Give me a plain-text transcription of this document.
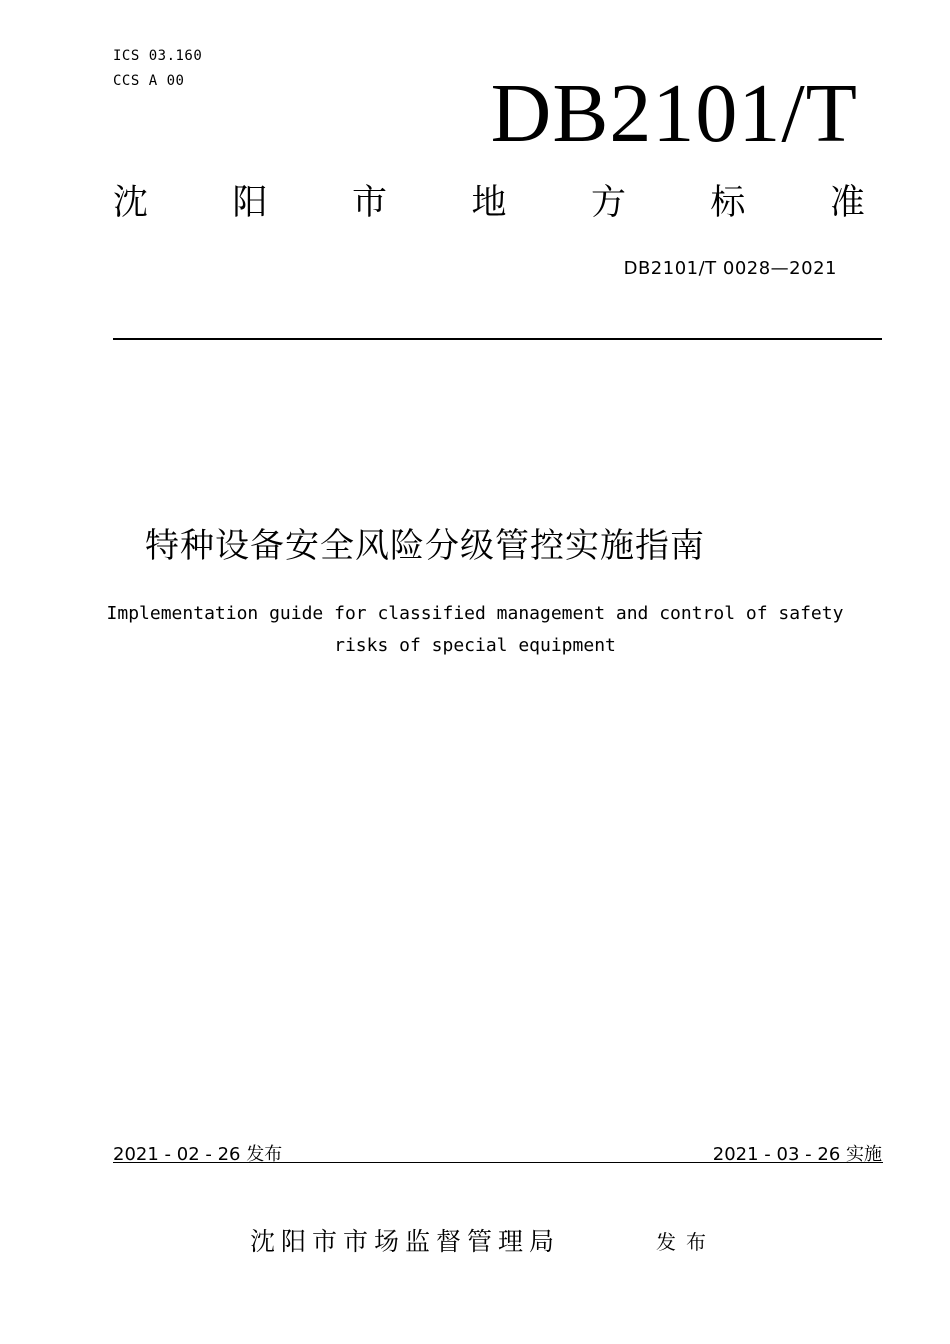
ICS 03.160
CCS A 00	DB2101/T
沈 阳 市 地 方 标 准
DB2101/T 0028—2021
特种设备安全风险分级管控实施指南
Implementation guide for classified management and control of safety
risks of special equipment
2021 - 02 - 26 发布	2021 - 03 - 26 实施
沈阳市市场监督管理局	发布
